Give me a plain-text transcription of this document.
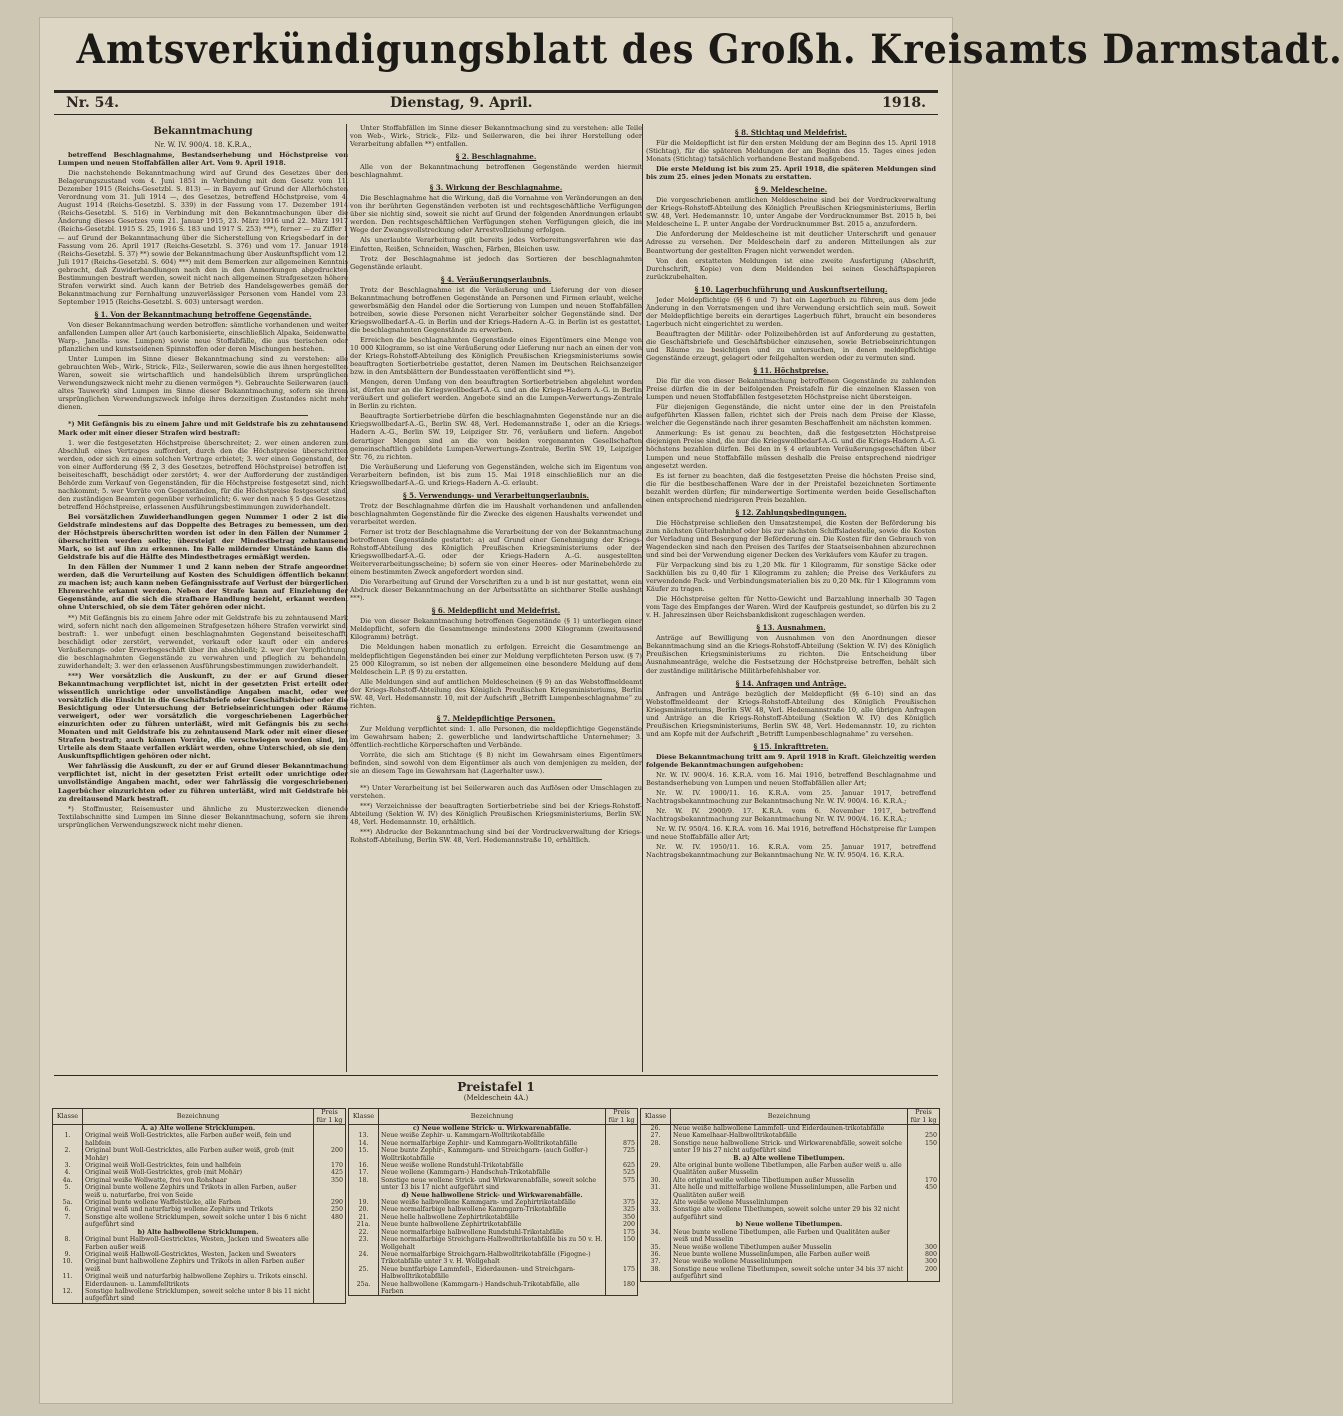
Amtsverkündigungsblatt des Großh. Kreisamts Darmstadt.
Nr. 54.	Dienstag, 9. April.	1918.
Bekanntmachung
Nr. W. IV. 900/4. 18. K.R.A.,

betreffend Beschlagnahme, Bestandserhebung und Höchstpreise von Lumpen und neuen Stoffabfällen aller Art. Vom 9. April 1918.

Die nachstehende Bekanntmachung wird auf Grund des Gesetzes über den Belagerungszustand vom 4. Juni 1851 in Verbindung mit dem Gesetz vom 11. Dezember 1915 (Reichs-Gesetzbl. S. 813) — in Bayern auf Grund der Allerhöchsten Verordnung vom 31. Juli 1914 —, des Gesetzes, betreffend Höchstpreise, vom 4. August 1914 (Reichs-Gesetzbl. S. 339) in der Fassung vom 17. Dezember 1914 (Reichs-Gesetzbl. S. 516) in Verbindung mit den Bekanntmachungen über die Änderung dieses Gesetzes vom 21. Januar 1915, 23. März 1916 und 22. März 1917 (Reichs-Gesetzbl. 1915 S. 25, 1916 S. 183 und 1917 S. 253) ***), ferner — zu Ziffer 1 — auf Grund der Bekanntmachung über die Sicherstellung von Kriegsbedarf in der Fassung vom 26. April 1917 (Reichs-Gesetzbl. S. 376) und vom 17. Januar 1918 (Reichs-Gesetzbl. S. 37) **) sowie der Bekanntmachung über Auskunftspflicht vom 12. Juli 1917 (Reichs-Gesetzbl. S. 604) ***) mit dem Bemerken zur allgemeinen Kenntnis gebracht, daß Zuwiderhandlungen nach den in den Anmerkungen abgedruckten Bestimmungen bestraft werden, soweit nicht nach allgemeinen Strafgesetzen höhere Strafen verwirkt sind. Auch kann der Betrieb des Handelsgewerbes gemäß der Bekanntmachung zur Fernhaltung unzuverlässiger Personen vom Handel vom 23. September 1915 (Reichs-Gesetzbl. S. 603) untersagt werden.

§ 1. Von der Bekanntmachung betroffene Gegenstände.

Von dieser Bekanntmachung werden betroffen: sämtliche vorhandenen und weiter anfallenden Lumpen aller Art (auch karbonisierte, einschließlich Alpaka, Seidenwatte, Warp-, Janella- usw. Lumpen) sowie neue Stoffabfälle, die aus tierischen oder pflanzlichen und kunstseidenen Spinnstoffen oder deren Mischungen bestehen.

Unter Lumpen im Sinne dieser Bekanntmachung sind zu verstehen: alle gebrauchten Web-, Wirk-, Strick-, Filz-, Seilerwaren, sowie die aus ihnen hergestellten Waren, soweit sie wirtschaftlich und handelsüblich ihrem ursprünglichen Verwendungszweck nicht mehr zu dienen vermögen *). Gebrauchte Seilerwaren (auch altes Tauwerk) sind Lumpen im Sinne dieser Bekanntmachung, sofern sie ihrem ursprünglichen Verwendungszweck infolge ihres derzeitigen Zustandes nicht mehr dienen.

*) Mit Gefängnis bis zu einem Jahre und mit Geldstrafe bis zu zehntausend Mark oder mit einer dieser Strafen wird bestraft:

1. wer die festgesetzten Höchstpreise überschreitet; 2. wer einen anderen zum Abschluß eines Vertrages auffordert, durch den die Höchstpreise überschritten werden, oder sich zu einem solchen Vertrage erbietet; 3. wer einen Gegenstand, der von einer Aufforderung (§§ 2, 3 des Gesetzes, betreffend Höchstpreise) betroffen ist, beiseiteschafft, beschädigt oder zerstört; 4. wer der Aufforderung der zuständigen Behörde zum Verkauf von Gegenständen, für die Höchstpreise festgesetzt sind, nicht nachkommt; 5. wer Vorräte von Gegenständen, für die Höchstpreise festgesetzt sind, den zuständigen Beamten gegenüber verheimlicht; 6. wer den nach § 5 des Gesetzes, betreffend Höchstpreise, erlassenen Ausführungsbestimmungen zuwiderhandelt.

Bei vorsätzlichen Zuwiderhandlungen gegen Nummer 1 oder 2 ist die Geldstrafe mindestens auf das Doppelte des Betrages zu bemessen, um den der Höchstpreis überschritten worden ist oder in den Fällen der Nummer 2 überschritten werden sollte; übersteigt der Mindestbetrag zehntausend Mark, so ist auf ihn zu erkennen. Im Falle mildernder Umstände kann die Geldstrafe bis auf die Hälfte des Mindestbetrages ermäßigt werden.

In den Fällen der Nummer 1 und 2 kann neben der Strafe angeordnet werden, daß die Verurteilung auf Kosten des Schuldigen öffentlich bekannt zu machen ist; auch kann neben Gefängnisstrafe auf Verlust der bürgerlichen Ehrenrechte erkannt werden. Neben der Strafe kann auf Einziehung der Gegenstände, auf die sich die strafbare Handlung bezieht, erkannt werden, ohne Unterschied, ob sie dem Täter gehören oder nicht.

**) Mit Gefängnis bis zu einem Jahre oder mit Geldstrafe bis zu zehntausend Mark wird, sofern nicht nach den allgemeinen Strafgesetzen höhere Strafen verwirkt sind, bestraft: 1. wer unbefugt einen beschlagnahmten Gegenstand beiseiteschafft, beschädigt oder zerstört, verwendet, verkauft oder kauft oder ein anderes Veräußerungs- oder Erwerbsgeschäft über ihn abschließt; 2. wer der Verpflichtung, die beschlagnahmten Gegenstände zu verwahren und pfleglich zu behandeln, zuwiderhandelt; 3. wer den erlassenen Ausführungsbestimmungen zuwiderhandelt.

***) Wer vorsätzlich die Auskunft, zu der er auf Grund dieser Bekanntmachung verpflichtet ist, nicht in der gesetzten Frist erteilt oder wissentlich unrichtige oder unvollständige Angaben macht, oder wer vorsätzlich die Einsicht in die Geschäftsbriefe oder Geschäftsbücher oder die Besichtigung oder Untersuchung der Betriebseinrichtungen oder Räume verweigert, oder wer vorsätzlich die vorgeschriebenen Lagerbücher einzurichten oder zu führen unterläßt, wird mit Gefängnis bis zu sechs Monaten und mit Geldstrafe bis zu zehntausend Mark oder mit einer dieser Strafen bestraft; auch können Vorräte, die verschwiegen worden sind, im Urteile als dem Staate verfallen erklärt werden, ohne Unterschied, ob sie dem Auskunftspflichtigen gehören oder nicht.

Wer fahrlässig die Auskunft, zu der er auf Grund dieser Bekanntmachung verpflichtet ist, nicht in der gesetzten Frist erteilt oder unrichtige oder unvollständige Angaben macht, oder wer fahrlässig die vorgeschriebenen Lagerbücher einzurichten oder zu führen unterläßt, wird mit Geldstrafe bis zu dreitausend Mark bestraft.

*) Stoffmuster, Reisemuster und ähnliche zu Musterzwecken dienende Textilabschnitte sind Lumpen im Sinne dieser Bekanntmachung, sofern sie ihrem ursprünglichen Verwendungszweck nicht mehr dienen.

Unter Stoffabfällen im Sinne dieser Bekanntmachung sind zu verstehen: alle Teile von Web-, Wirk-, Strick-, Filz- und Seilerwaren, die bei ihrer Herstellung oder Verarbeitung abfallen **) entfallen.

§ 2. Beschlagnahme.

Alle von der Bekanntmachung betroffenen Gegenstände werden hiermit beschlagnahmt.

§ 3. Wirkung der Beschlagnahme.

Die Beschlagnahme hat die Wirkung, daß die Vornahme von Veränderungen an den von ihr berührten Gegenständen verboten ist und rechtsgeschäftliche Verfügungen über sie nichtig sind, soweit sie nicht auf Grund der folgenden Anordnungen erlaubt werden. Den rechtsgeschäftlichen Verfügungen stehen Verfügungen gleich, die im Wege der Zwangsvollstreckung oder Arrestvollziehung erfolgen.

Als unerlaubte Verarbeitung gilt bereits jedes Vorbereitungsverfahren wie das Einfetten, Reißen, Schneiden, Waschen, Färben, Bleichen usw.

Trotz der Beschlagnahme ist jedoch das Sortieren der beschlagnahmten Gegenstände erlaubt.

§ 4. Veräußerungserlaubnis.

Trotz der Beschlagnahme ist die Veräußerung und Lieferung der von dieser Bekanntmachung betroffenen Gegenstände an Personen und Firmen erlaubt, welche gewerbsmäßig den Handel oder die Sortierung von Lumpen und neuen Stoffabfällen betreiben, sowie diese Personen nicht Verarbeiter solcher Gegenstände sind. Der Kriegswollbedarf-A.-G. in Berlin und der Kriegs-Hadern A.-G. in Berlin ist es gestattet, die beschlagnahmten Gegenstände zu erwerben.

Erreichen die beschlagnahmten Gegenstände eines Eigentümers eine Menge von 10 000 Kilogramm, so ist eine Veräußerung oder Lieferung nur nach an einen der von der Kriegs-Rohstoff-Abteilung des Königlich Preußischen Kriegsministeriums sowie beauftragten Sortierbetriebe gestattet, deren Namen im Deutschen Reichsanzeiger bzw. in den Amtsblättern der Bundesstaaten veröffentlicht sind **).

Mengen, deren Umfang von den beauftragten Sortierbetrieben abgelehnt worden ist, dürfen nur an die Kriegswollbedarf-A.-G. und an die Kriegs-Hadern A.-G. in Berlin veräußert und geliefert werden. Angebote sind an die Lumpen-Verwertungs-Zentrale in Berlin zu richten.

Beauftragte Sortierbetriebe dürfen die beschlagnahmten Gegenstände nur an die Kriegswollbedarf-A.-G., Berlin SW. 48, Verl. Hedemannstraße 1, oder an die Kriegs-Hadern A.-G., Berlin SW. 19, Leipziger Str. 76, veräußern und liefern. Angebot derartiger Mengen sind an die von beiden vorgenannten Gesellschaften gemeinschaftlich gebildete Lumpen-Verwertungs-Zentrale, Berlin SW. 19, Leipziger Str. 76, zu richten.

Die Veräußerung und Lieferung von Gegenständen, welche sich im Eigentum von Verarbeitern befinden, ist bis zum 15. Mai 1918 einschließlich nur an die Kriegswollbedarf-A.-G. und Kriegs-Hadern A.-G. erlaubt.

§ 5. Verwendungs- und Verarbeitungserlaubnis.

Trotz der Beschlagnahme dürfen die im Haushalt vorhandenen und anfallenden beschlagnahmten Gegenstände für die Zwecke des eigenen Haushalts verwendet und verarbeitet werden.

Ferner ist trotz der Beschlagnahme die Verarbeitung der von der Bekanntmachung betroffenen Gegenstände gestattet: a) auf Grund einer Genehmigung der Kriegs-Rohstoff-Abteilung des Königlich Preußischen Kriegsministeriums oder der Kriegswollbedarf-A.-G. oder der Kriegs-Hadern A.-G. ausgestellten Weiterverarbeitungsscheine; b) sofern sie von einer Heeres- oder Marinebehörde zu einem bestimmten Zweck angefordert worden sind.

Die Verarbeitung auf Grund der Vorschriften zu a und b ist nur gestattet, wenn ein Abdruck dieser Bekanntmachung an der Arbeitsstätte an sichtbarer Stelle aushängt ***).

§ 6. Meldepflicht und Meldefrist.

Die von dieser Bekanntmachung betroffenen Gegenstände (§ 1) unterliegen einer Meldepflicht, sofern die Gesamtmenge mindestens 2000 Kilogramm (zweitausend Kilogramm) beträgt.

Die Meldungen haben monatlich zu erfolgen. Erreicht die Gesamtmenge an meldepflichtigen Gegenständen bei einer zur Meldung verpflichteten Person usw. (§ 7) 25 000 Kilogramm, so ist neben der allgemeinen eine besondere Meldung auf dem Meldeschein L.P. (§ 9) zu erstatten.

Alle Meldungen sind auf amtlichen Meldescheinen (§ 9) an das Webstoffmeldeamt der Kriegs-Rohstoff-Abteilung des Königlich Preußischen Kriegsministeriums, Berlin SW. 48, Verl. Hedemannstr. 10, mit der Aufschrift „Betrifft Lumpenbeschlagnahme“ zu richten.

§ 7. Meldepflichtige Personen.

Zur Meldung verpflichtet sind: 1. alle Personen, die meldepflichtige Gegenstände im Gewahrsam haben; 2. gewerbliche und landwirtschaftliche Unternehmer; 3. öffentlich-rechtliche Körperschaften und Verbände.

Vorräte, die sich am Stichtage (§ 8) nicht im Gewahrsam eines Eigentümers befinden, sind sowohl von dem Eigentümer als auch von demjenigen zu melden, der sie an diesem Tage im Gewahrsam hat (Lagerhalter usw.).

**) Unter Verarbeitung ist bei Seilerwaren auch das Auflösen oder Umschlagen zu verstehen.

***) Verzeichnisse der beauftragten Sortierbetriebe sind bei der Kriegs-Rohstoff-Abteilung (Sektion W. IV) des Königlich Preußischen Kriegsministeriums, Berlin SW. 48, Verl. Hedemannstr. 10, erhältlich.

***) Abdrucke der Bekanntmachung sind bei der Vordruckverwaltung der Kriegs-Rohstoff-Abteilung, Berlin SW. 48, Verl. Hedemannstraße 10, erhältlich.

§ 8. Stichtag und Meldefrist.

Für die Meldepflicht ist für den ersten Meldung der am Beginn des 15. April 1918 (Stichtag), für die späteren Meldungen der am Beginn des 15. Tages eines jeden Monats (Stichtag) tatsächlich vorhandene Bestand maßgebend.

Die erste Meldung ist bis zum 25. April 1918, die späteren Meldungen sind bis zum 25. eines jeden Monats zu erstatten.

§ 9. Meldescheine.

Die vorgeschriebenen amtlichen Meldescheine sind bei der Vordruckverwaltung der Kriegs-Rohstoff-Abteilung des Königlich Preußischen Kriegsministeriums, Berlin SW. 48, Verl. Hedemannstr. 10, unter Angabe der Vordrucknummer Bst. 2015 b, bei Meldescheine L. P. unter Angabe der Vordrucknummer Bst. 2015 a, anzufordern.

Die Anforderung der Meldescheine ist mit deutlicher Unterschrift und genauer Adresse zu versehen. Der Meldeschein darf zu anderen Mitteilungen als zur Beantwortung der gestellten Fragen nicht verwendet werden.

Von den erstatteten Meldungen ist eine zweite Ausfertigung (Abschrift, Durchschrift, Kopie) von dem Meldenden bei seinen Geschäftspapieren zurückzubehalten.

§ 10. Lagerbuchführung und Auskunftserteilung.

Jeder Meldepflichtige (§§ 6 und 7) hat ein Lagerbuch zu führen, aus dem jede Änderung in den Vorratsmengen und ihre Verwendung ersichtlich sein muß. Soweit der Meldepflichtige bereits ein derartiges Lagerbuch führt, braucht ein besonderes Lagerbuch nicht eingerichtet zu werden.

Beauftragten der Militär- oder Polizeibehörden ist auf Anforderung zu gestatten, die Geschäftsbriefe und Geschäftsbücher einzusehen, sowie Betriebseinrichtungen und Räume zu besichtigen und zu untersuchen, in denen meldepflichtige Gegenstände erzeugt, gelagert oder feilgehalten werden oder zu vermuten sind.

§ 11. Höchstpreise.

Die für die von dieser Bekanntmachung betroffenen Gegenstände zu zahlenden Preise dürfen die in der beifolgenden Preistafeln für die einzelnen Klassen von Lumpen und neuen Stoffabfällen festgesetzten Höchstpreise nicht übersteigen.

Für diejenigen Gegenstände, die nicht unter eine der in den Preistafeln aufgeführten Klassen fallen, richtet sich der Preis nach dem Preise der Klasse, welcher die Gegenstände nach ihrer gesamten Beschaffenheit am nächsten kommen.

Anmerkung: Es ist genau zu beachten, daß die festgesetzten Höchstpreise diejenigen Preise sind, die nur die Kriegswollbedarf-A.-G. und die Kriegs-Hadern A.-G. höchstens bezahlen dürfen. Bei den in § 4 erlaubten Veräußerungsgeschäften über Lumpen und neue Stoffabfälle müssen deshalb die Preise entsprechend niedriger angesetzt werden.

Es ist ferner zu beachten, daß die festgesetzten Preise die höchsten Preise sind, die für die bestbeschaffenen Ware der in der Preistafel bezeichneten Sortimente bezahlt werden dürfen; für minderwertige Sortimente werden beide Gesellschaften einen entsprechend niedrigeren Preis bezahlen.

§ 12. Zahlungsbedingungen.

Die Höchstpreise schließen den Umsatzstempel, die Kosten der Beförderung bis zum nächsten Güterbahnhof oder bis zur nächsten Schiffsladestelle, sowie die Kosten der Verladung und Besorgung der Beförderung ein. Die Kosten für den Gebrauch von Wagendecken sind nach den Preisen des Tarifes der Staatseisenbahnen abzurechnen und sind bei der Verwendung eigener Decken des Verkäufers vom Käufer zu tragen.

Für Verpackung sind bis zu 1,20 Mk. für 1 Kilogramm, für sonstige Säcke oder Sackhüllen bis zu 0,40 für 1 Kilogramm zu zahlen; die Preise des Verkäufers zu verwendende Pack- und Verbindungsmaterialien bis zu 0,20 Mk. für 1 Kilogramm vom Käufer zu tragen.

Die Höchstpreise gelten für Netto-Gewicht und Barzahlung innerhalb 30 Tagen vom Tage des Empfanges der Waren. Wird der Kaufpreis gestundet, so dürfen bis zu 2 v. H. Jahreszinsen über Reichsbankdiskont zugeschlagen werden.

§ 13. Ausnahmen.

Anträge auf Bewilligung von Ausnahmen von den Anordnungen dieser Bekanntmachung sind an die Kriegs-Rohstoff-Abteilung (Sektion W. IV) des Königlich Preußischen Kriegsministeriums zu richten. Die Entscheidung über Ausnahmeanträge, welche die Festsetzung der Höchstpreise betreffen, behält sich der zuständige militärische Militärbefehlshaber vor.

§ 14. Anfragen und Anträge.

Anfragen und Anträge bezüglich der Meldepflicht (§§ 6–10) sind an das Webstoffmeldeamt der Kriegs-Rohstoff-Abteilung des Königlich Preußischen Kriegsministeriums, Berlin SW. 48, Verl. Hedemannstraße 10, alle übrigen Anfragen und Anträge an die Kriegs-Rohstoff-Abteilung (Sektion W. IV) des Königlich Preußischen Kriegsministeriums, Berlin SW. 48, Verl. Hedemannstr. 10, zu richten und am Kopfe mit der Aufschrift „Betrifft Lumpenbeschlagnahme“ zu versehen.

§ 15. Inkrafttreten.

Diese Bekanntmachung tritt am 9. April 1918 in Kraft. Gleichzeitig werden folgende Bekanntmachungen aufgehoben:

Nr. W. IV. 900/4. 16. K.R.A. vom 16. Mai 1916, betreffend Beschlagnahme und Bestandserhebung von Lumpen und neuen Stoffabfällen aller Art;

Nr. W. IV. 1900/11. 16. K.R.A. vom 25. Januar 1917, betreffend Nachtragsbekanntmachung zur Bekanntmachung Nr. W. IV. 900/4. 16. K.R.A.;

Nr. W. IV. 2900/9. 17. K.R.A. vom 6. November 1917, betreffend Nachtragsbekanntmachung zur Bekanntmachung Nr. W. IV. 900/4. 16. K.R.A.;

Nr. W. IV. 950/4. 16. K.R.A. vom 16. Mai 1916, betreffend Höchstpreise für Lumpen und neue Stoffabfälle aller Art;

Nr. W. IV. 1950/11. 16. K.R.A. vom 25. Januar 1917, betreffend Nachtragsbekanntmachung zur Bekanntmachung Nr. W. IV. 950/4. 16. K.R.A.

Preistafel 1
(Meldeschein 4A.)
Klasse	Bezeichnung	Preis für 1 kg
	A. a) Alte wollene Stricklumpen.	
1.	Original weiß Woll-Gestricktes, alle Farben außer weiß, fein und halbfein	
2.	Original bunt Woll-Gestricktes, alle Farben außer weiß, grob (mit Mohär)	200
3.	Original weiß Woll-Gestricktes, fein und halbfein	170
4.	Original weiß Woll-Gestricktes, grob (mit Mohär)	425
4a.	Original weiße Wollwatte, frei von Rohshaar	350
5.	Original bunte wollene Zephirs und Trikots in allen Farben, außer weiß u. naturfarbe, frei von Seide	
5a.	Original bunte wollene Waffelstücke, alle Farben	290
6.	Original weiß und naturfarbig wollene Zephirs und Trikots	250
7.	Sonstige alte wollene Stricklumpen, soweit solche unter 1 bis 6 nicht aufgeführt sind	480
	b) Alte halbwollene Stricklumpen.	
8.	Original bunt Halbwoll-Gestricktes, Westen, Jacken und Sweaters alle Farben außer weiß	
9.	Original weiß Halbwoll-Gestricktes, Westen, Jacken und Sweaters	
10.	Original bunt halbwollene Zephirs und Trikots in allen Farben außer weiß	
11.	Original weiß und naturfarbig halbwollene Zephirs u. Trikots einschl. Eiderdaunen- u. Lammfelltrikots	
12.	Sonstige halbwollene Stricklumpen, soweit solche unter 8 bis 11 nicht aufgeführt sind	
Klasse	Bezeichnung	Preis für 1 kg
	c) Neue wollene Strick- u. Wirkwarenabfälle.	
13.	Neue weiße Zephir- u. Kammgarn-Wolltrikotabfälle	
14.	Neue normalfarbige Zephir- und Kammgarn-Wolltrikotabfälle	875
15.	Neue bunte Zephir-, Kammgarn- und Streichgarn- (auch Golfer-) Wolltrikotabfälle	725
16.	Neue weiße wollene Rundstuhl-Trikotabfälle	625
17.	Neue wollene (Kammgarn-) Handschuh-Trikotabfälle	525
18.	Sonstige neue wollene Strick- und Wirkwarenabfälle, soweit solche unter 13 bis 17 nicht aufgeführt sind	575
	d) Neue halbwollene Strick- und Wirkwarenabfälle.	
19.	Neue weiße halbwollene Kammgarn- und Zephirtrikotabfälle	375
20.	Neue normalfarbige halbwollene Kammgarn-Trikotabfälle	325
21.	Neue helle halbwollene Zephirtrikotabfälle	350
21a.	Neue bunte halbwollene Zephirtrikotabfälle	200
22.	Neue normalfarbige halbwollene Rundstuhl-Trikotabfälle	175
23.	Neue normalfarbige Streichgarn-Halbwolltrikotabfälle bis zu 50 v. H. Wollgehalt	150
24.	Neue normalfarbige Streichgarn-Halbwolltrikotabfälle (Figogne-) Trikotabfälle unter 3 v. H. Wollgehalt	
25.	Neue buntfarbige Lammfell-, Eiderdaunen- und Streichgarn-Halbwolltrikotabfälle	175
25a.	Neue halbwollene (Kammgarn-) Handschuh-Trikotabfälle, alle Farben	180
Klasse	Bezeichnung	Preis für 1 kg
26.	Neue weiße halbwollene Lammfell- und Eiderdaunen-trikotabfälle	
27.	Neue Kamelhaar-Halbwolltrikotabfälle	250
28.	Sonstige neue halbwollene Strick- und Wirkwarenabfälle, soweit solche unter 19 bis 27 nicht aufgeführt sind	150
	B. a) Alte wollene Tibetlumpen.	
29.	Alte original bunte wollene Tibetlumpen, alle Farben außer weiß u. alle Qualitäten außer Musselin	
30.	Alte original weiße wollene Tibetlumpen außer Musselin	170
31.	Alte helle und mittelfarbige wollene Musselinlumpen, alle Farben und Qualitäten außer weiß	450
32.	Alte weiße wollene Musselinlumpen	
33.	Sonstige alte wollene Tibetlumpen, soweit solche unter 29 bis 32 nicht aufgeführt sind	
	b) Neue wollene Tibetlumpen.	
34.	Neue bunte wollene Tibetlumpen, alle Farben und Qualitäten außer weiß und Musselin	
35.	Neue weiße wollene Tibetlumpen außer Musselin	300
36.	Neue bunte wollene Musselinlumpen, alle Farben außer weiß	800
37.	Neue weiße wollene Musselinlumpen	300
38.	Sonstige neue wollene Tibetlumpen, soweit solche unter 34 bis 37 nicht aufgeführt sind	200
